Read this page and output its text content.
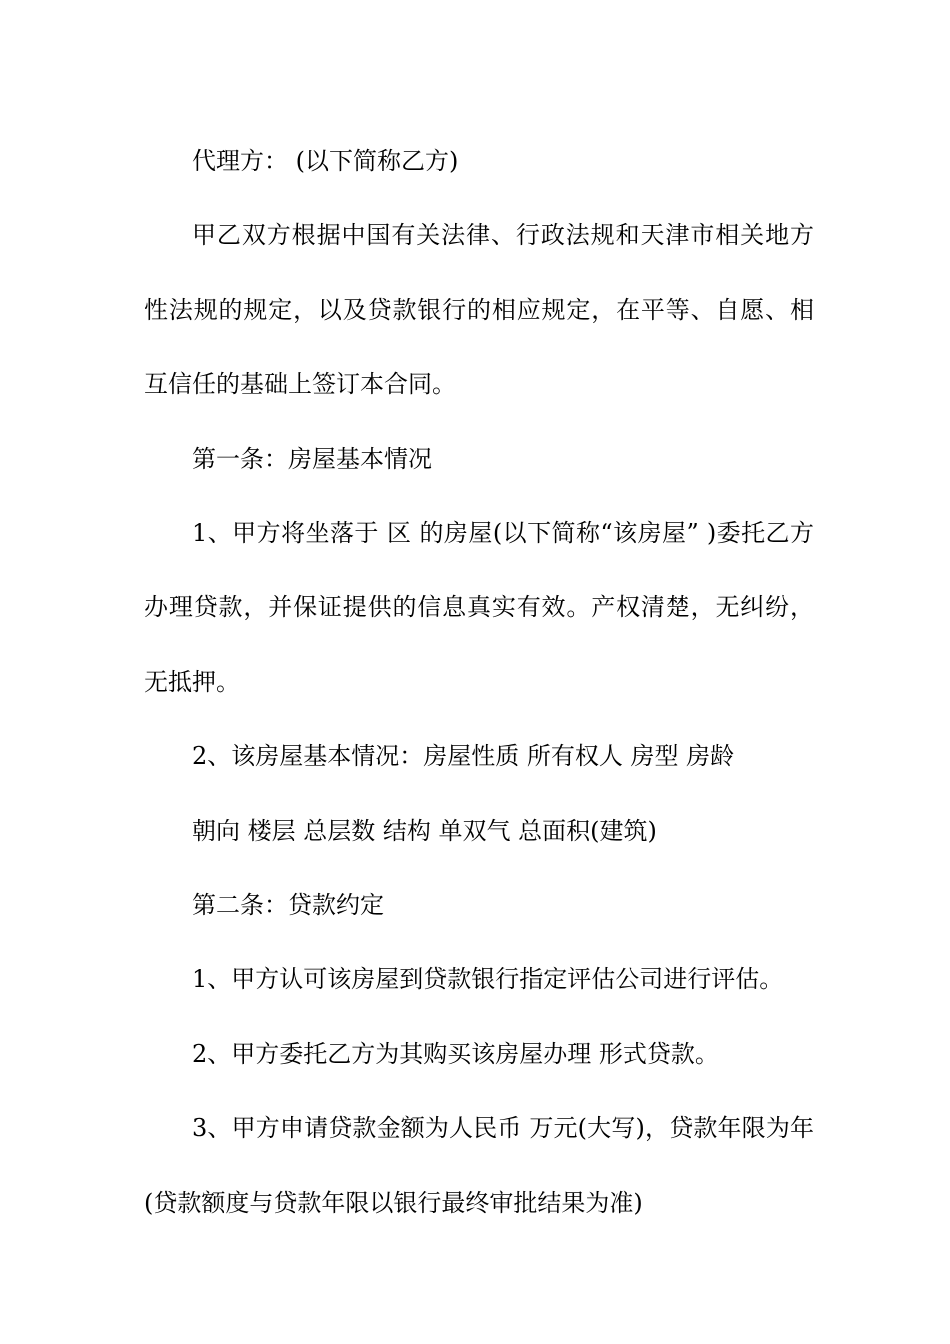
代理方： (以下简称乙方)

甲乙双方根据中国有关法律、行政法规和天津市相关地方性法规的规定，以及贷款银行的相应规定，在平等、自愿、相互信任的基础上签订本合同。

第一条：房屋基本情况

1、甲方将坐落于 区 的房屋(以下简称“该房屋” )委托乙方办理贷款，并保证提供的信息真实有效。产权清楚，无纠纷，无抵押。

2、该房屋基本情况：房屋性质 所有权人 房型 房龄

朝向 楼层 总层数 结构 单双气 总面积(建筑)

第二条：贷款约定

1、甲方认可该房屋到贷款银行指定评估公司进行评估。

2、甲方委托乙方为其购买该房屋办理 形式贷款。

3、甲方申请贷款金额为人民币 万元(大写)，贷款年限为年(贷款额度与贷款年限以银行最终审批结果为准)
